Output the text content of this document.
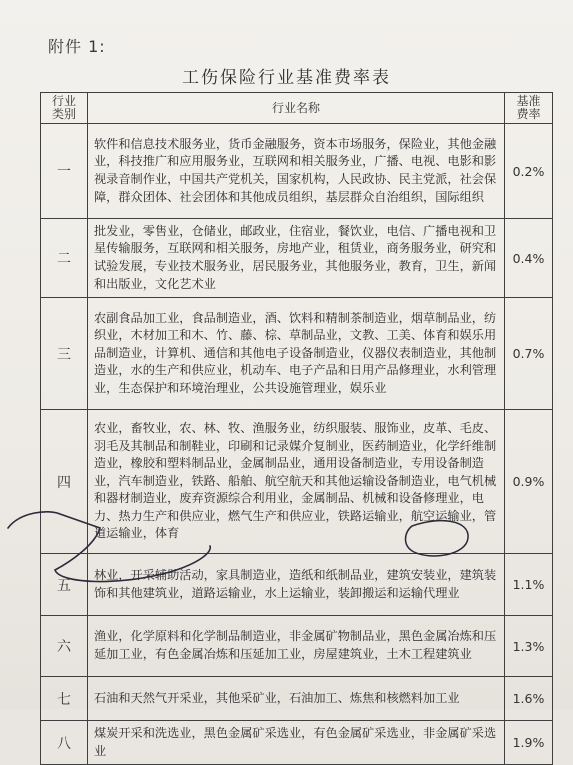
附件 1:
工伤保险行业基准费率表
行业类别	行业名称	基准费率
一	软件和信息技术服务业，货币金融服务，资本市场服务，保险业，其他金融业，科技推广和应用服务业，互联网和相关服务业，广播、电视、电影和影视录音制作业，中国共产党机关，国家机构，人民政协、民主党派，社会保障，群众团体、社会团体和其他成员组织，基层群众自治组织，国际组织	0.2%
二	批发业，零售业，仓储业，邮政业，住宿业，餐饮业，电信、广播电视和卫星传输服务，互联网和相关服务，房地产业，租赁业，商务服务业，研究和试验发展，专业技术服务业，居民服务业，其他服务业，教育，卫生，新闻和出版业，文化艺术业	0.4%
三	农副食品加工业，食品制造业，酒、饮料和精制茶制造业，烟草制品业，纺织业，木材加工和木、竹、藤、棕、草制品业，文教、工美、体育和娱乐用品制造业，计算机、通信和其他电子设备制造业，仪器仪表制造业，其他制造业，水的生产和供应业，机动车、电子产品和日用产品修理业，水利管理业，生态保护和环境治理业，公共设施管理业，娱乐业	0.7%
四	农业，畜牧业，农、林、牧、渔服务业，纺织服装、服饰业，皮革、毛皮、羽毛及其制品和制鞋业，印刷和记录媒介复制业，医药制造业，化学纤维制造业，橡胶和塑料制品业，金属制品业，通用设备制造业，专用设备制造业，汽车制造业，铁路、船舶、航空航天和其他运输设备制造业，电气机械和器材制造业，废弃资源综合利用业，金属制品、机械和设备修理业，电力、热力生产和供应业，燃气生产和供应业，铁路运输业，航空运输业，管道运输业，体育	0.9%
五	林业，开采辅助活动，家具制造业，造纸和纸制品业，建筑安装业，建筑装饰和其他建筑业，道路运输业，水上运输业，装卸搬运和运输代理业	1.1%
六	渔业，化学原料和化学制品制造业，非金属矿物制品业，黑色金属冶炼和压延加工业，有色金属冶炼和压延加工业，房屋建筑业，土木工程建筑业	1.3%
七	石油和天然气开采业，其他采矿业，石油加工、炼焦和核燃料加工业	1.6%
八	煤炭开采和洗选业，黑色金属矿采选业，有色金属矿采选业，非金属矿采选业	1.9%
